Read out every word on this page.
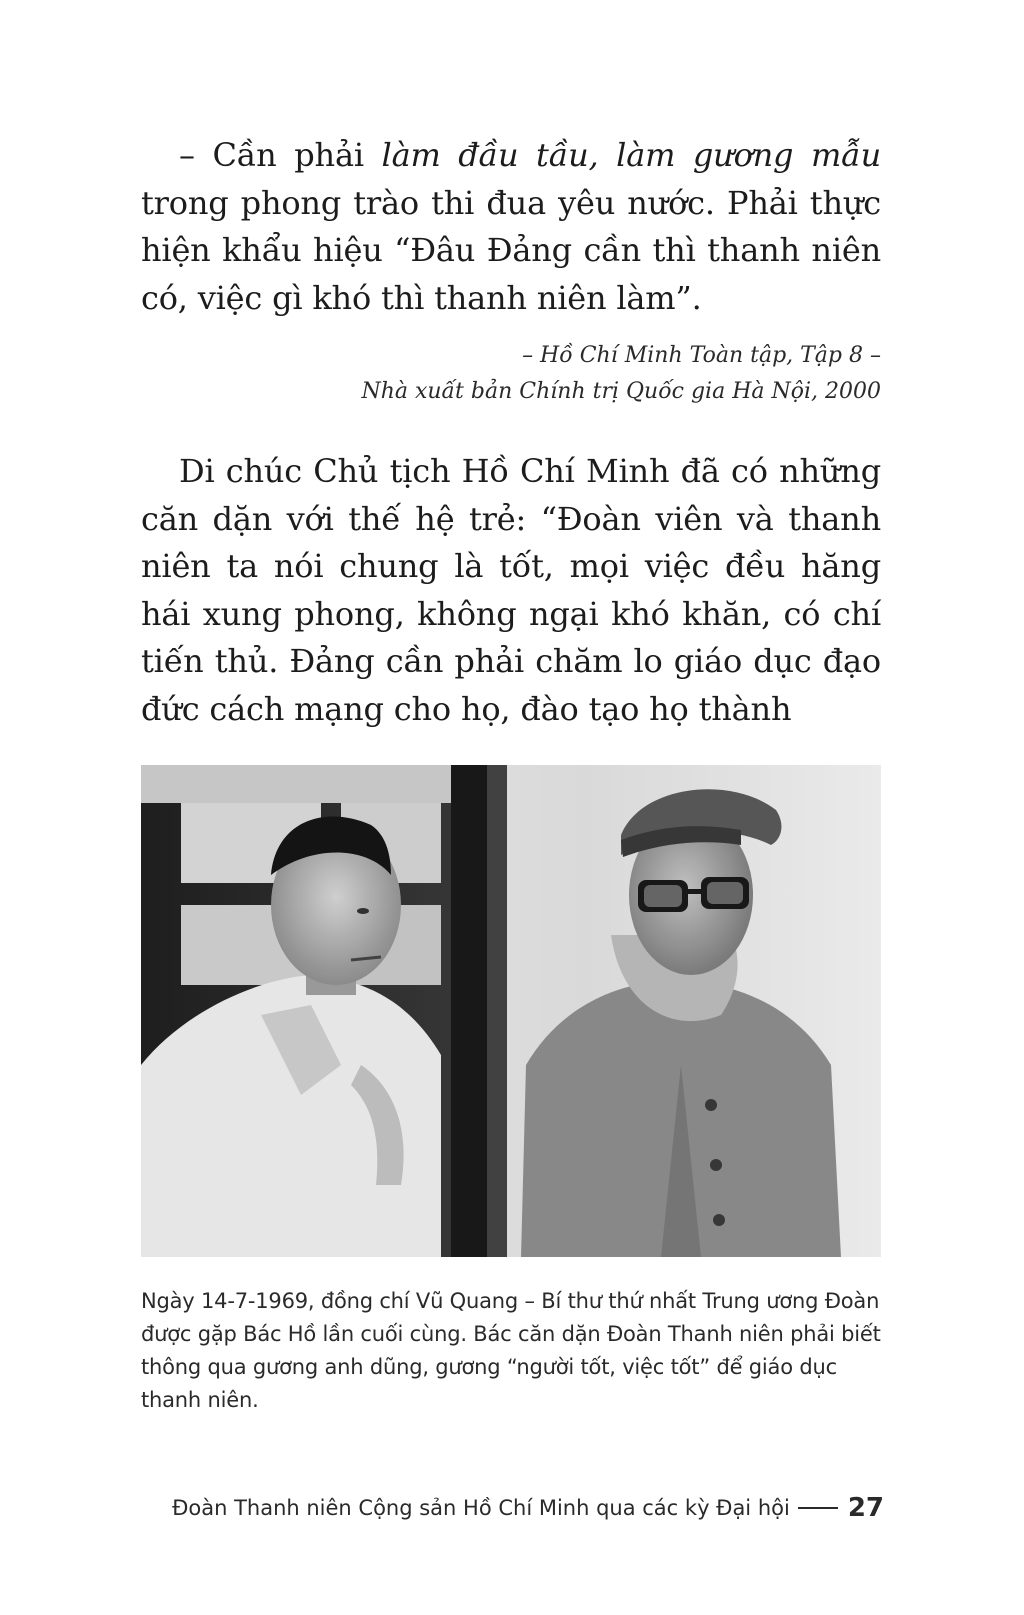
– Cần phải làm đầu tầu, làm gương mẫu trong phong trào thi đua yêu nước. Phải thực hiện khẩu hiệu “Đâu Đảng cần thì thanh niên có, việc gì khó thì thanh niên làm”.

– Hồ Chí Minh Toàn tập, Tập 8 –
Nhà xuất bản Chính trị Quốc gia Hà Nội, 2000

Di chúc Chủ tịch Hồ Chí Minh đã có những căn dặn với thế hệ trẻ: “Đoàn viên và thanh niên ta nói chung là tốt, mọi việc đều hăng hái xung phong, không ngại khó khăn, có chí tiến thủ. Đảng cần phải chăm lo giáo dục đạo đức cách mạng cho họ, đào tạo họ thành

Ngày 14-7-1969, đồng chí Vũ Quang – Bí thư thứ nhất Trung ương Đoàn được gặp Bác Hồ lần cuối cùng. Bác căn dặn Đoàn Thanh niên phải biết thông qua gương anh dũng, gương “người tốt, việc tốt” để giáo dục thanh niên.

Đoàn Thanh niên Cộng sản Hồ Chí Minh qua các kỳ Đại hội 27
